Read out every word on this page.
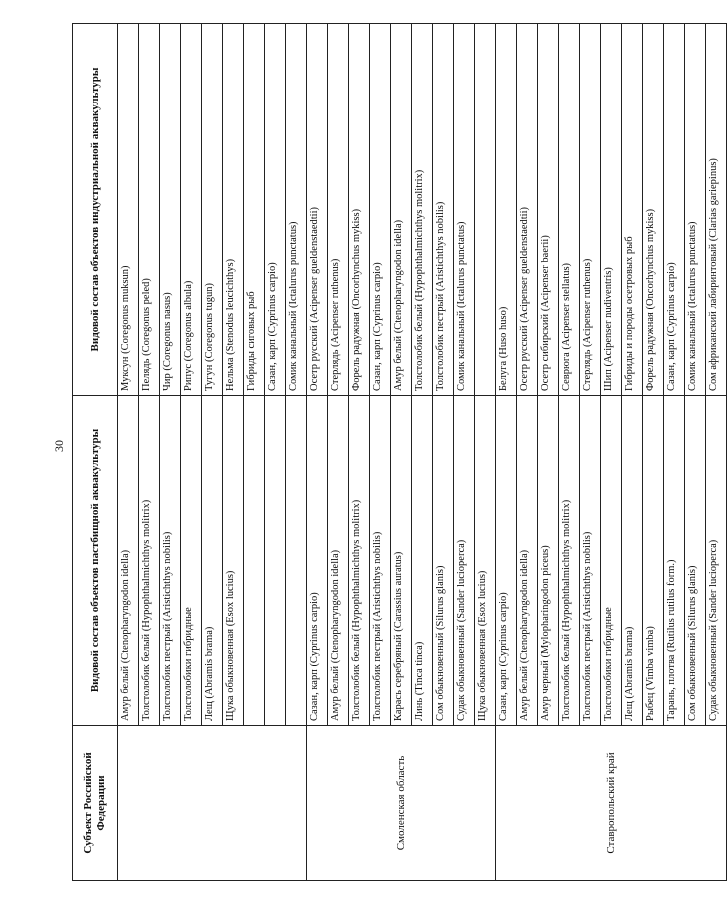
30
Субъект Российской Федерации	Видовой состав объектов пастбищной аквакультуры	Видовой состав объектов индустриальной аквакультуры
	Амур белый (Ctenopharyngodon idella)	Муксун (Coregonus muksun)
	Толстолобик белый (Hypophthalmichthys molitrix)	Пелядь (Coregonus peled)
	Толстолобик пестрый (Aristichthys nobilis)	Чир (Coregonus nasus)
	Толстолобики гибридные	Рипус (Coregonus albula)
	Лещ (Abramis brama)	Тугун (Coregonus tugun)
	Щука обыкновенная (Esox lucius)	Нельма (Stenodus leucichthys)
		Гибриды сиговых рыб
		Сазан, карп (Cyprinus carpio)
		Сомик канальный (Ictalurus punctatus)
Смоленская область	Сазан, карп (Cyprinus carpio)	Осетр русский (Acipenser gueldenstaedtii)
	Амур белый (Ctenopharyngodon idella)	Стерлядь (Acipenser ruthenus)
	Толстолобик белый (Hypophthalmichthys molitrix)	Форель радужная (Oncorhynchus mykiss)
	Толстолобик пестрый (Aristichthys nobilis)	Сазан, карп (Cyprinus carpio)
	Карась серебряный (Carassius auratus)	Амур белый (Ctenopharyngodon idella)
	Линь (Tinca tinca)	Толстолобик белый (Hypophthalmichthys molitrix)
	Сом обыкновенный (Silurus glanis)	Толстолобик пестрый (Aristichthys nobilis)
	Судак обыкновенный (Sander lucioperca)	Сомик канальный (Ictalurus punctatus)
	Щука обыкновенная (Esox lucius)	
Ставропольский край	Сазан, карп (Cyprinus carpio)	Белуга (Huso huso)
	Амур белый (Ctenopharyngodon idella)	Осетр русский (Acipenser gueldenstaedtii)
	Амур черный (Mylopharingodon piceus)	Осетр сибирский (Acipenser baerii)
	Толстолобик белый (Hypophthalmichthys molitrix)	Севрюга (Acipenser stellatus)
	Толстолобик пестрый (Aristichthys nobilis)	Стерлядь (Acipenser ruthenus)
	Толстолобики гибридные	Шип (Acipenser nudiventris)
	Лещ (Abramis brama)	Гибриды и породы осетровых рыб
	Рыбец (Vimba vimba)	Форель радужная (Oncorhynchus mykiss)
	Тарань, плотва (Rutilus rutilus form.)	Сазан, карп (Cyprinus carpio)
	Сом обыкновенный (Silurus glanis)	Сомик канальный (Ictalurus punctatus)
	Судак обыкновенный (Sander lucioperca)	Сом африканский лабиринтовый (Clarias gariepinus)
